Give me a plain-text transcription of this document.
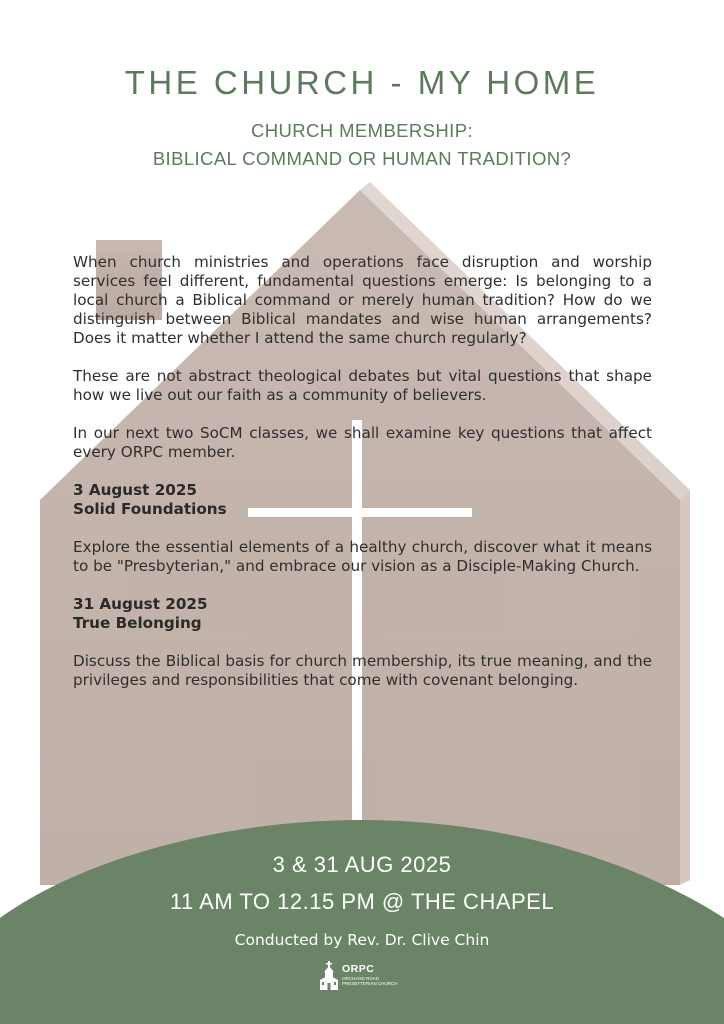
THE CHURCH - MY HOME
CHURCH MEMBERSHIP:
BIBLICAL COMMAND OR HUMAN TRADITION?

When church ministries and operations face disruption and worship services feel different, fundamental questions emerge: Is belonging to a local church a Biblical command or merely human tradition? How do we distinguish between Biblical mandates and wise human arrangements? Does it matter whether I attend the same church regularly?

These are not abstract theological debates but vital questions that shape how we live out our faith as a community of believers.

In our next two SoCM classes, we shall examine key questions that affect every ORPC member.

3 August 2025
Solid Foundations

Explore the essential elements of a healthy church, discover what it means to be "Presbyterian," and embrace our vision as a Disciple-Making Church.

31 August 2025
True Belonging

Discuss the Biblical basis for church membership, its true meaning, and the privileges and responsibilities that come with covenant belonging.

3 & 31 AUG 2025
11 AM TO 12.15 PM @ THE CHAPEL
Conducted by Rev. Dr. Clive Chin
ORPC
ORCHARD ROAD PRESBYTERIAN CHURCH
